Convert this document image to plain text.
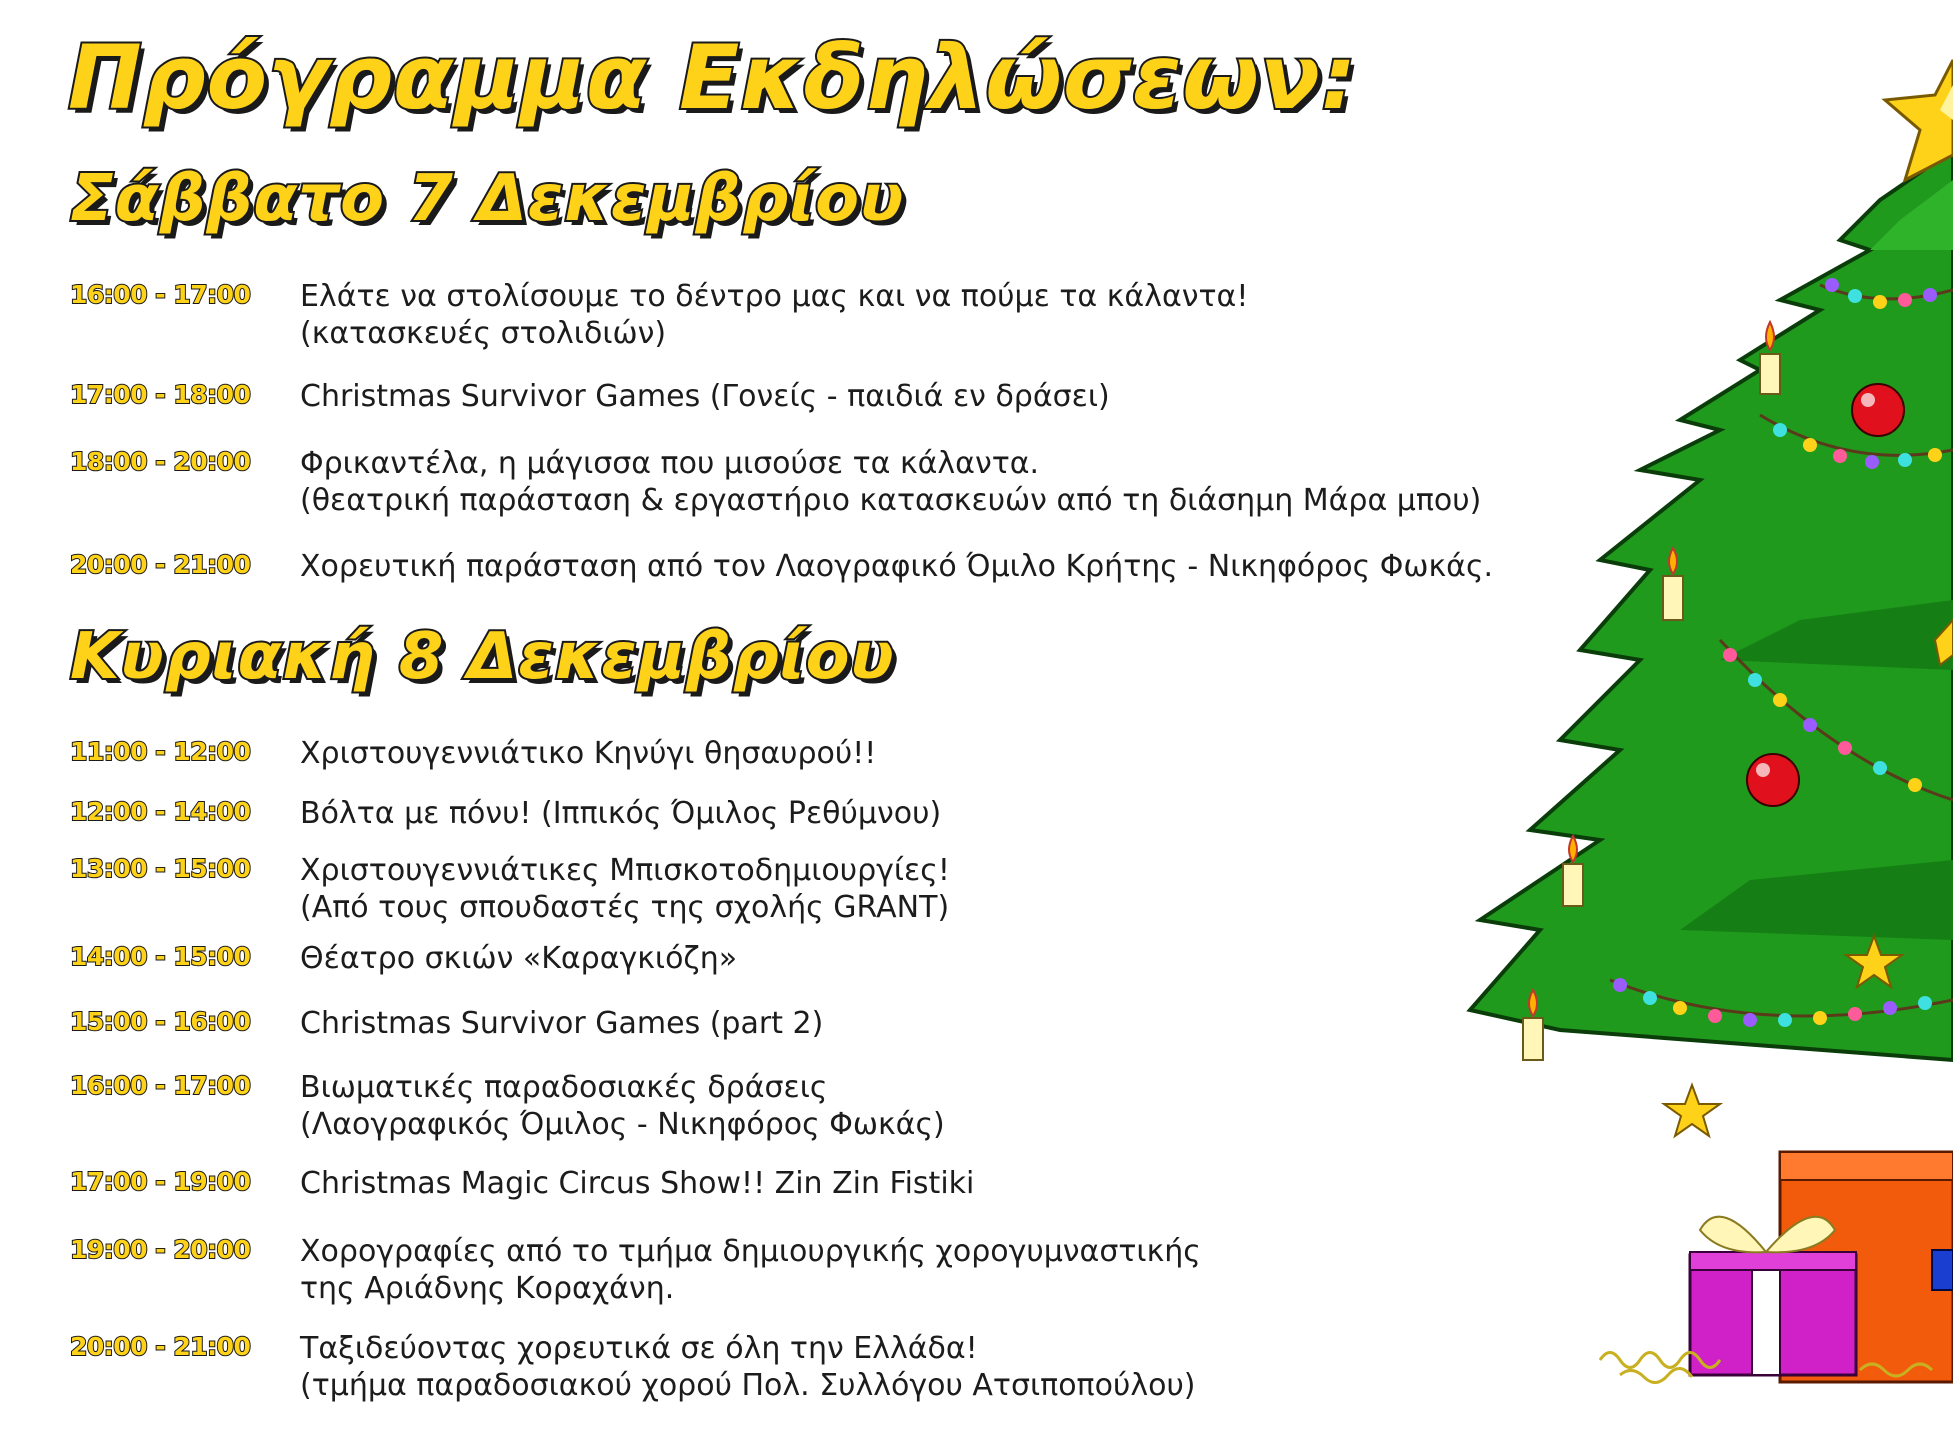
Πρόγραμμα Εκδηλώσεων:
Σάββατο 7 Δεκεμβρίου
16:00 - 17:00	Ελάτε να στολίσουμε το δέντρο μας και να πούμε τα κάλαντα!
(κατασκευές στολιδιών)
17:00 - 18:00	Christmas Survivor Games (Γονείς - παιδιά εν δράσει)
18:00 - 20:00	Φρικαντέλα, η μάγισσα που μισούσε τα κάλαντα.
(θεατρική παράσταση & εργαστήριο κατασκευών από τη διάσημη Μάρα μπου)
20:00 - 21:00	Χορευτική παράσταση από τον Λαογραφικό Όμιλο Κρήτης - Νικηφόρος Φωκάς.
Κυριακή 8 Δεκεμβρίου
11:00 - 12:00	Χριστουγεννιάτικο Κηνύγι θησαυρού!!
12:00 - 14:00	Βόλτα με πόνυ! (Ιππικός Όμιλος Ρεθύμνου)
13:00 - 15:00	Χριστουγεννιάτικες Μπισκοτοδημιουργίες!
(Από τους σπουδαστές της σχολής GRANT)
14:00 - 15:00	Θέατρο σκιών «Καραγκιόζη»
15:00 - 16:00	Christmas Survivor Games (part 2)
16:00 - 17:00	Βιωματικές παραδοσιακές δράσεις
(Λαογραφικός Όμιλος - Νικηφόρος Φωκάς)
17:00 - 19:00	Christmas Magic Circus Show!! Zin Zin Fistiki
19:00 - 20:00	Χορογραφίες από το τμήμα δημιουργικής χορογυμναστικής
της Αριάδνης Κοραχάνη.
20:00 - 21:00	Ταξιδεύοντας χορευτικά σε όλη την Ελλάδα!
(τμήμα παραδοσιακού χορού Πολ. Συλλόγου Ατσιποπούλου)
